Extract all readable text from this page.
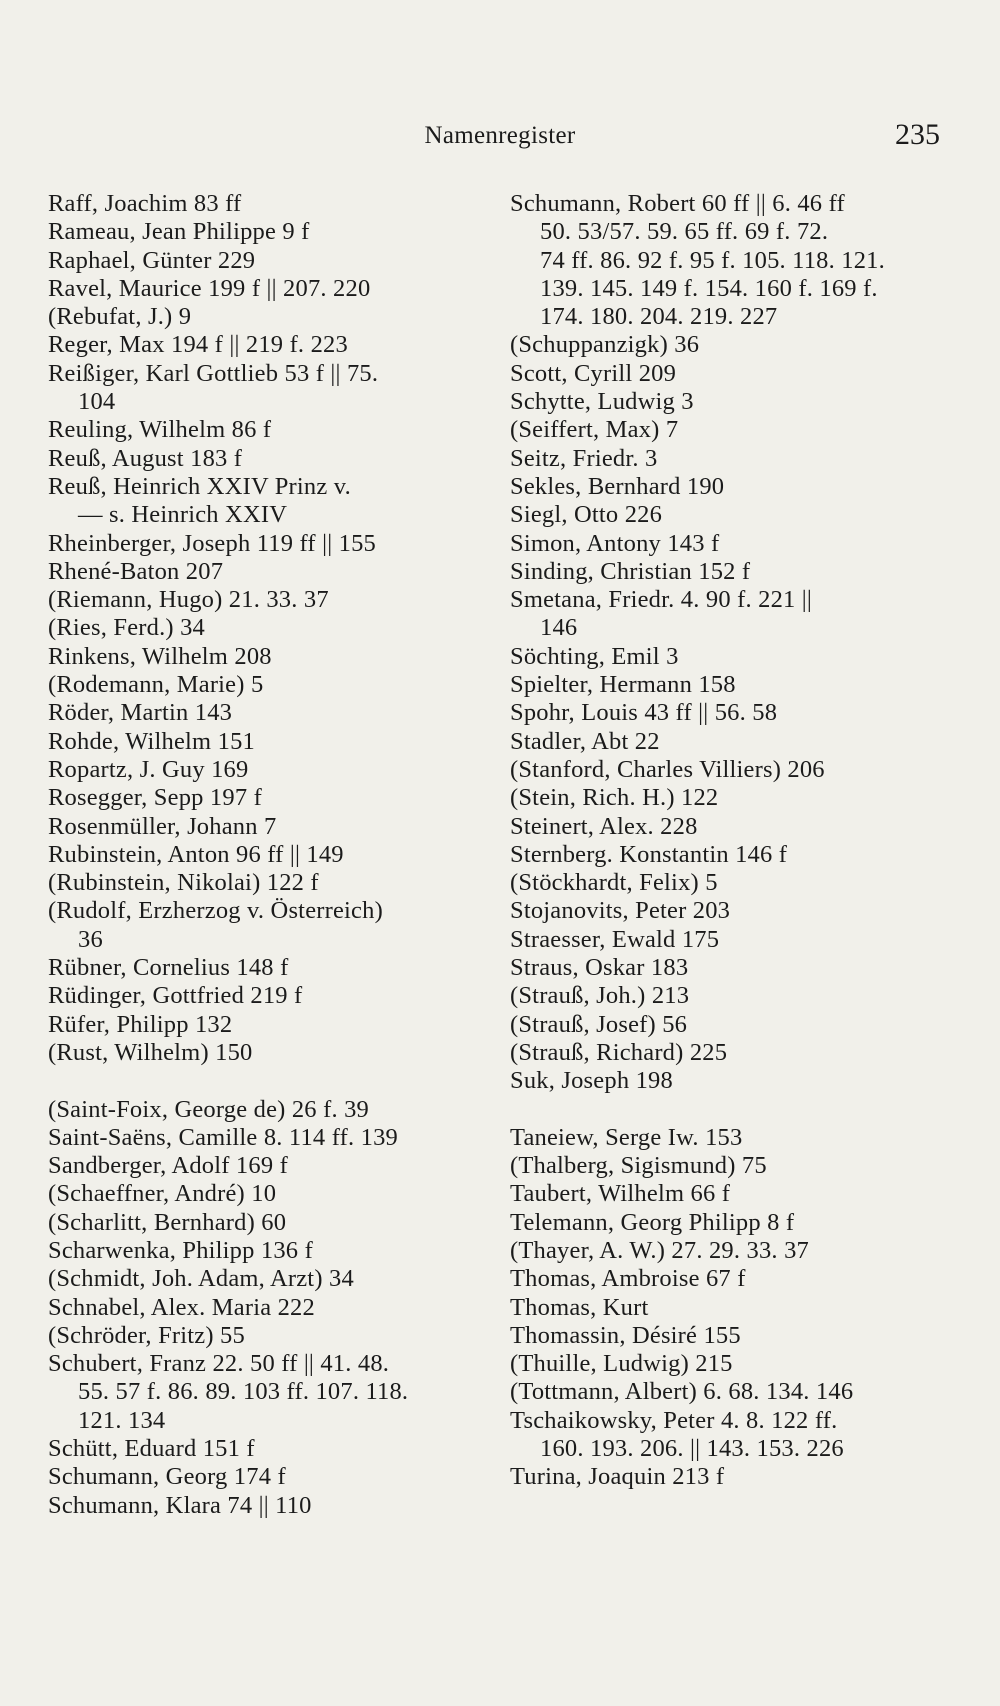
Namenregister	235
Raff, Joachim 83 ff
Rameau, Jean Philippe 9 f
Raphael, Günter 229
Ravel, Maurice 199 f || 207. 220
(Rebufat, J.) 9
Reger, Max 194 f || 219 f. 223
Reißiger, Karl Gottlieb 53 f || 75.
104
Reuling, Wilhelm 86 f
Reuß, August 183 f
Reuß, Heinrich XXIV Prinz v.
— s. Heinrich XXIV
Rheinberger, Joseph 119 ff || 155
Rhené-Baton 207
(Riemann, Hugo) 21. 33. 37
(Ries, Ferd.) 34
Rinkens, Wilhelm 208
(Rodemann, Marie) 5
Röder, Martin 143
Rohde, Wilhelm 151
Ropartz, J. Guy 169
Rosegger, Sepp 197 f
Rosenmüller, Johann 7
Rubinstein, Anton 96 ff || 149
(Rubinstein, Nikolai) 122 f
(Rudolf, Erzherzog v. Österreich)
36
Rübner, Cornelius 148 f
Rüdinger, Gottfried 219 f
Rüfer, Philipp 132
(Rust, Wilhelm) 150
(Saint-Foix, George de) 26 f. 39
Saint-Saëns, Camille 8. 114 ff. 139
Sandberger, Adolf 169 f
(Schaeffner, André) 10
(Scharlitt, Bernhard) 60
Scharwenka, Philipp 136 f
(Schmidt, Joh. Adam, Arzt) 34
Schnabel, Alex. Maria 222
(Schröder, Fritz) 55
Schubert, Franz 22. 50 ff || 41. 48.
55. 57 f. 86. 89. 103 ff. 107. 118.
121. 134
Schütt, Eduard 151 f
Schumann, Georg 174 f
Schumann, Klara 74 || 110
Schumann, Robert 60 ff || 6. 46 ff
50. 53/57. 59. 65 ff. 69 f. 72.
74 ff. 86. 92 f. 95 f. 105. 118. 121.
139. 145. 149 f. 154. 160 f. 169 f.
174. 180. 204. 219. 227
(Schuppanzigk) 36
Scott, Cyrill 209
Schytte, Ludwig 3
(Seiffert, Max) 7
Seitz, Friedr. 3
Sekles, Bernhard 190
Siegl, Otto 226
Simon, Antony 143 f
Sinding, Christian 152 f
Smetana, Friedr. 4. 90 f. 221 ||
146
Söchting, Emil 3
Spielter, Hermann 158
Spohr, Louis 43 ff || 56. 58
Stadler, Abt 22
(Stanford, Charles Villiers) 206
(Stein, Rich. H.) 122
Steinert, Alex. 228
Sternberg. Konstantin 146 f
(Stöckhardt, Felix) 5
Stojanovits, Peter 203
Straesser, Ewald 175
Straus, Oskar 183
(Strauß, Joh.) 213
(Strauß, Josef) 56
(Strauß, Richard) 225
Suk, Joseph 198
Taneiew, Serge Iw. 153
(Thalberg, Sigismund) 75
Taubert, Wilhelm 66 f
Telemann, Georg Philipp 8 f
(Thayer, A. W.) 27. 29. 33. 37
Thomas, Ambroise 67 f
Thomas, Kurt
Thomassin, Désiré 155
(Thuille, Ludwig) 215
(Tottmann, Albert) 6. 68. 134. 146
Tschaikowsky, Peter 4. 8. 122 ff.
160. 193. 206. || 143. 153. 226
Turina, Joaquin 213 f
